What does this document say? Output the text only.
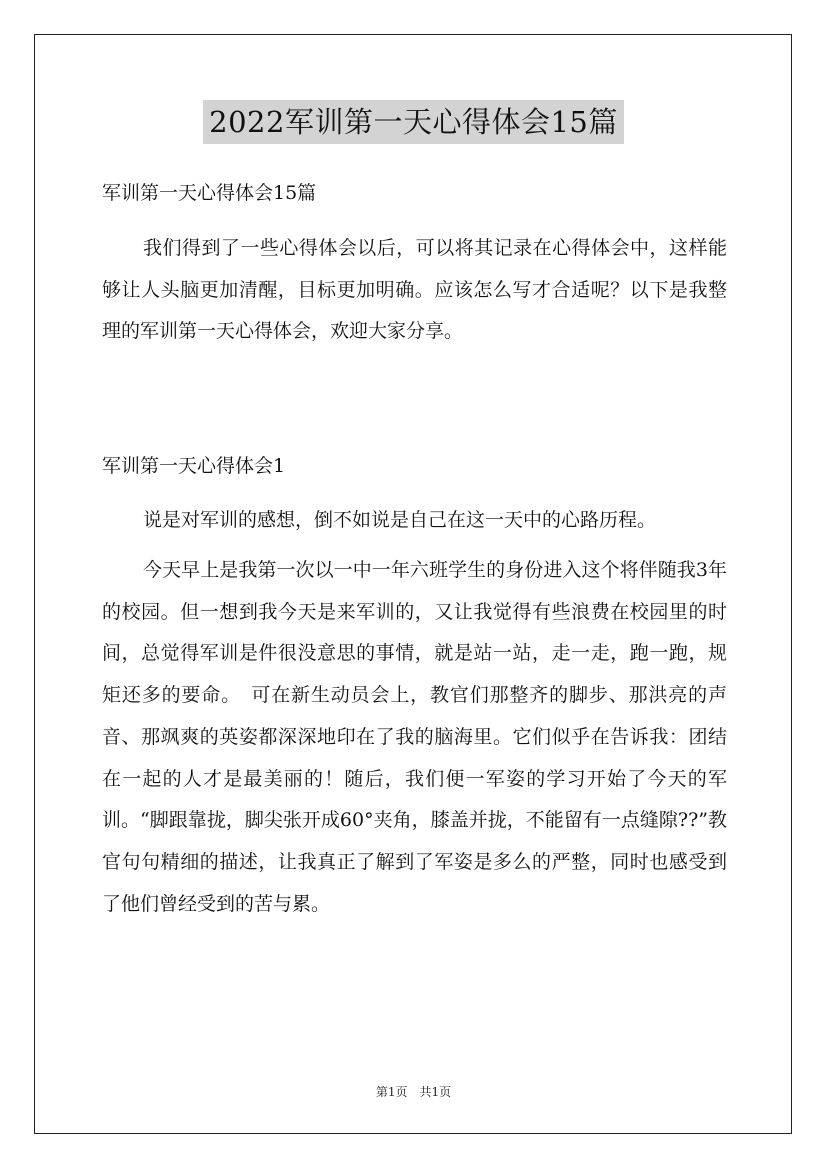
2022军训第一天心得体会15篇
军训第一天心得体会15篇
我们得到了一些心得体会以后，可以将其记录在心得体会中，这样能够让人头脑更加清醒，目标更加明确。应该怎么写才合适呢？以下是我整理的军训第一天心得体会，欢迎大家分享。
军训第一天心得体会1
说是对军训的感想，倒不如说是自己在这一天中的心路历程。
今天早上是我第一次以一中一年六班学生的身份进入这个将伴随我3年的校园。但一想到我今天是来军训的，又让我觉得有些浪费在校园里的时间，总觉得军训是件很没意思的事情，就是站一站，走一走，跑一跑，规矩还多的要命。　可在新生动员会上，教官们那整齐的脚步、那洪亮的声音、那飒爽的英姿都深深地印在了我的脑海里。它们似乎在告诉我：团结在一起的人才是最美丽的！随后，我们便一军姿的学习开始了今天的军训。“脚跟靠拢，脚尖张开成60°夹角，膝盖并拢，不能留有一点缝隙??”教官句句精细的描述，让我真正了解到了军姿是多么的严整，同时也感受到了他们曾经受到的苦与累。
第1页　共1页
